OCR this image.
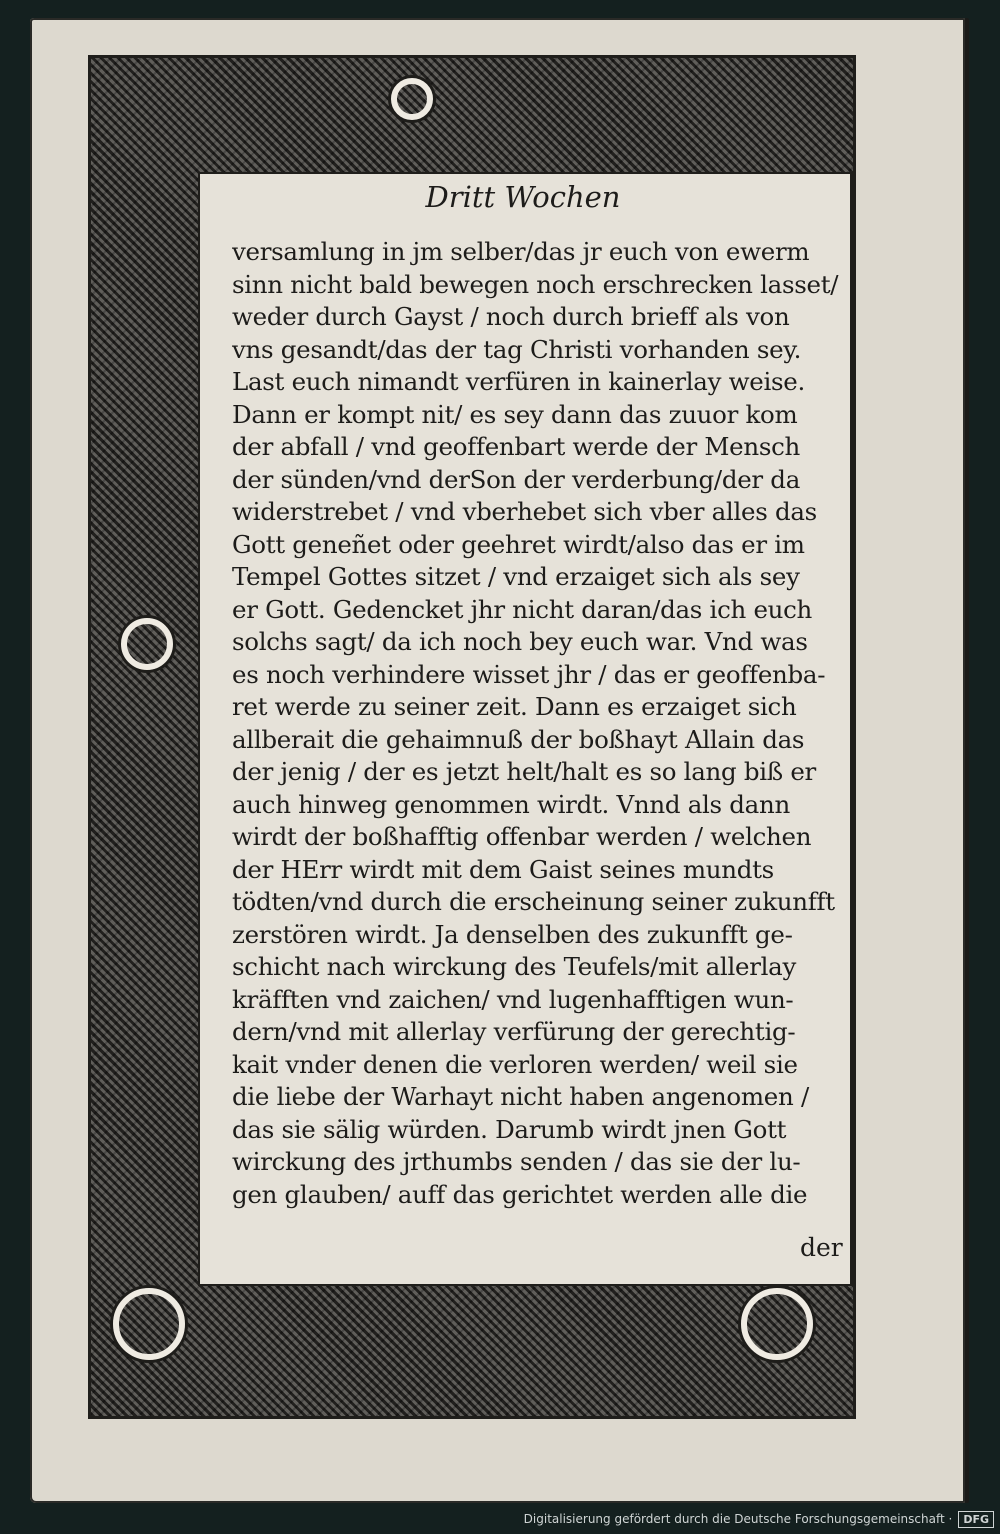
Dritt Wochen
versamlung in jm selber/das jr euch von ewerm
sinn nicht bald bewegen noch erschrecken lasset/
weder durch Gayst / noch durch brieff als von
vns gesandt/das der tag Christi vorhanden sey.
Last euch nimandt verfüren in kainerlay weise.
Dann er kompt nit/ es sey dann das zuuor kom
der abfall / vnd geoffenbart werde der Mensch
der sünden/vnd derSon der verderbung/der da
widerstrebet / vnd vberhebet sich vber alles das
Gott geneñet oder geehret wirdt/also das er im
Tempel Gottes sitzet / vnd erzaiget sich als sey
er Gott. Gedencket jhr nicht daran/das ich euch
solchs sagt/ da ich noch bey euch war. Vnd was
es noch verhindere wisset jhr / das er geoffenba-
ret werde zu seiner zeit. Dann es erzaiget sich
allberait die gehaimnuß der boßhayt Allain das
der jenig / der es jetzt helt/halt es so lang biß er
auch hinweg genommen wirdt. Vnnd als dann
wirdt der boßhafftig offenbar werden / welchen
der HErr wirdt mit dem Gaist seines mundts
tödten/vnd durch die erscheinung seiner zukunfft
zerstören wirdt. Ja denselben des zukunfft ge-
schicht nach wirckung des Teufels/mit allerlay
kräfften vnd zaichen/ vnd lugenhafftigen wun-
dern/vnd mit allerlay verfürung der gerechtig-
kait vnder denen die verloren werden/ weil sie
die liebe der Warhayt nicht haben angenomen /
das sie sälig würden. Darumb wirdt jnen Gott
wirckung des jrthumbs senden / das sie der lu-
gen glauben/ auff das gerichtet werden alle die
der
Digitalisierung gefördert durch die Deutsche Forschungsgemeinschaft ·	DFG
